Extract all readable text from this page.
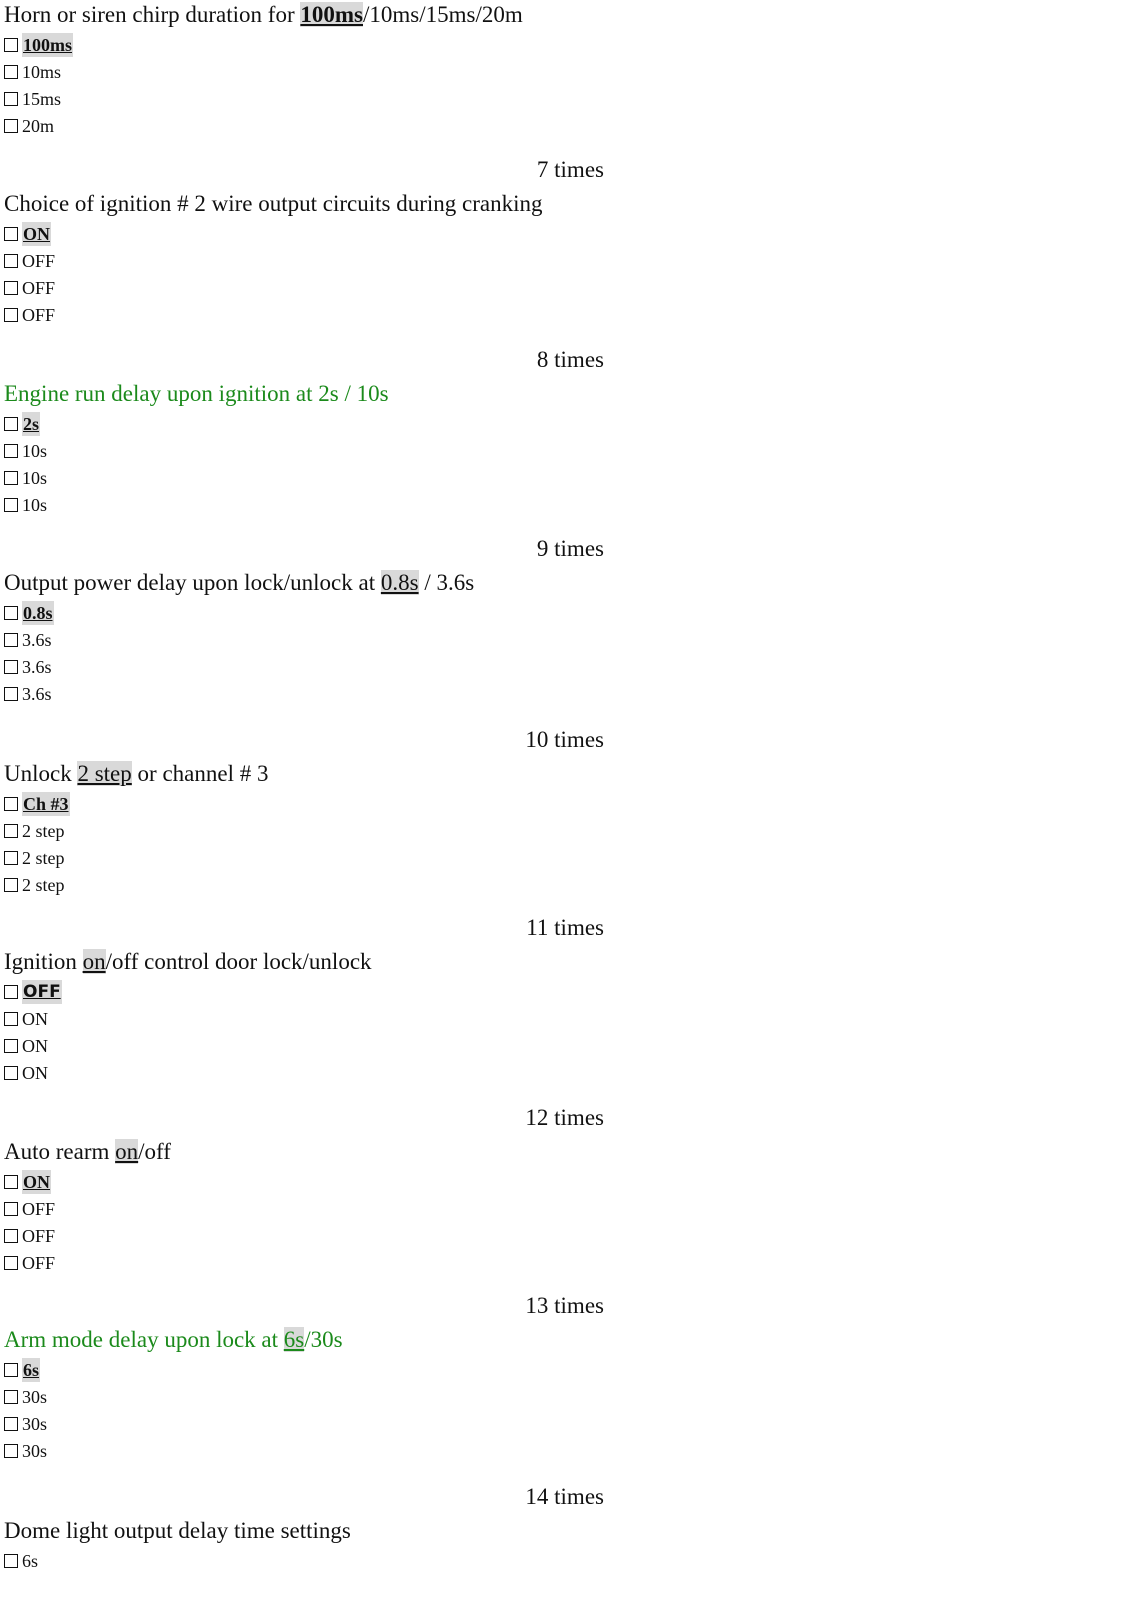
Horn or siren chirp duration for 100ms/10ms/15ms/20m
100ms
10ms
15ms
20m
7 times
Choice of ignition # 2 wire output circuits during cranking
ON
OFF
OFF
OFF
8 times
Engine run delay upon ignition at 2s / 10s
2s
10s
10s
10s
9 times
Output power delay upon lock/unlock at 0.8s / 3.6s
0.8s
3.6s
3.6s
3.6s
10 times
Unlock 2 step or channel # 3
Ch #3
2 step
2 step
2 step
11 times
Ignition on/off control door lock/unlock
OFF
ON
ON
ON
12 times
Auto rearm on/off
ON
OFF
OFF
OFF
13 times
Arm mode delay upon lock at 6s/30s
6s
30s
30s
30s
14 times
Dome light output delay time settings
6s
